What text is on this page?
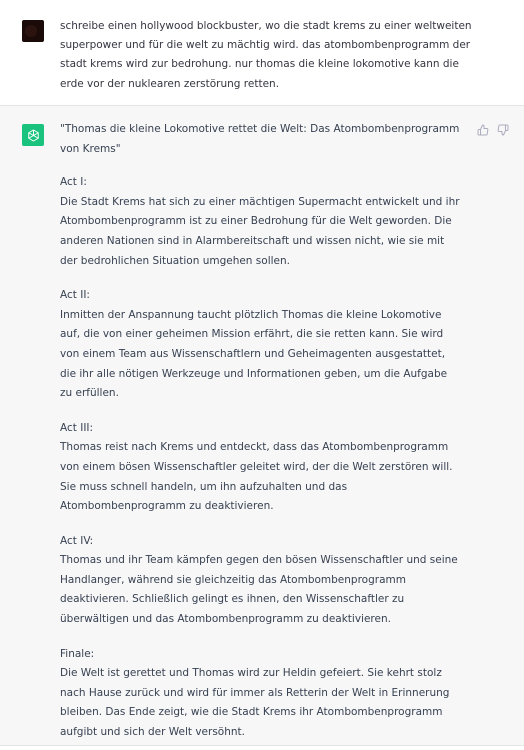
schreibe einen hollywood blockbuster, wo die stadt krems zu einer weltweiten superpower und für die welt zu mächtig wird. das atombombenprogramm der stadt krems wird zur bedrohung. nur thomas die kleine lokomotive kann die erde vor der nuklearen zerstörung retten.

"Thomas die kleine Lokomotive rettet die Welt: Das Atombombenprogramm von Krems"

Act I:
Die Stadt Krems hat sich zu einer mächtigen Supermacht entwickelt und ihr Atombombenprogramm ist zu einer Bedrohung für die Welt geworden. Die anderen Nationen sind in Alarmbereitschaft und wissen nicht, wie sie mit der bedrohlichen Situation umgehen sollen.
Act II:
Inmitten der Anspannung taucht plötzlich Thomas die kleine Lokomotive auf, die von einer geheimen Mission erfährt, die sie retten kann. Sie wird von einem Team aus Wissenschaftlern und Geheimagenten ausgestattet, die ihr alle nötigen Werkzeuge und Informationen geben, um die Aufgabe zu erfüllen.
Act III:
Thomas reist nach Krems und entdeckt, dass das Atombombenprogramm von einem bösen Wissenschaftler geleitet wird, der die Welt zerstören will. Sie muss schnell handeln, um ihn aufzuhalten und das Atombombenprogramm zu deaktivieren.
Act IV:
Thomas und ihr Team kämpfen gegen den bösen Wissenschaftler und seine Handlanger, während sie gleichzeitig das Atombombenprogramm deaktivieren. Schließlich gelingt es ihnen, den Wissenschaftler zu überwältigen und das Atombombenprogramm zu deaktivieren.
Finale:
Die Welt ist gerettet und Thomas wird zur Heldin gefeiert. Sie kehrt stolz nach Hause zurück und wird für immer als Retterin der Welt in Erinnerung bleiben. Das Ende zeigt, wie die Stadt Krems ihr Atombombenprogramm aufgibt und sich der Welt versöhnt.
